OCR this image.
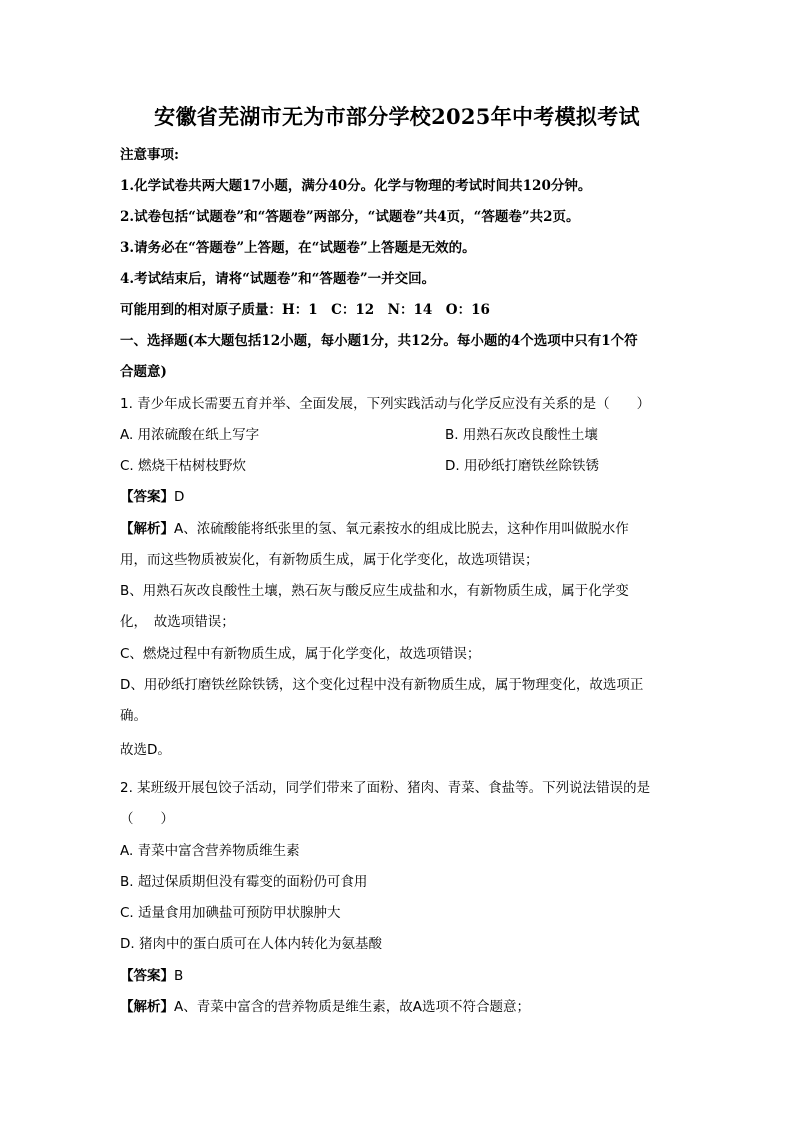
安徽省芜湖市无为市部分学校2025年中考模拟考试
注意事项:
1.化学试卷共两大题17小题，满分40分。化学与物理的考试时间共120分钟。
2.试卷包括“试题卷”和“答题卷”两部分，“试题卷”共4页，“答题卷”共2页。
3.请务必在“答题卷”上答题，在“试题卷”上答题是无效的。
4.考试结束后，请将“试题卷”和“答题卷”一并交回。
可能用到的相对原子质量：H：1　C：12　N：14　O：16
一、选择题(本大题包括12小题，每小题1分，共12分。每小题的4个选项中只有1个符
合题意)
1. 青少年成长需要五育并举、全面发展，下列实践活动与化学反应没有关系的是（　　）
A. 用浓硫酸在纸上写字	B. 用熟石灰改良酸性土壤
C. 燃烧干枯树枝野炊	D. 用砂纸打磨铁丝除铁锈
【答案】D
【解析】A、浓硫酸能将纸张里的氢、氧元素按水的组成比脱去，这种作用叫做脱水作
用，而这些物质被炭化，有新物质生成，属于化学变化，故选项错误；
B、用熟石灰改良酸性土壤，熟石灰与酸反应生成盐和水，有新物质生成，属于化学变
化，　故选项错误；
C、燃烧过程中有新物质生成，属于化学变化，故选项错误；
D、用砂纸打磨铁丝除铁锈，这个变化过程中没有新物质生成，属于物理变化，故选项正
确。
故选D。
2. 某班级开展包饺子活动，同学们带来了面粉、猪肉、青菜、食盐等。下列说法错误的是
（　　）
A. 青菜中富含营养物质维生素
B. 超过保质期但没有霉变的面粉仍可食用
C. 适量食用加碘盐可预防甲状腺肿大
D. 猪肉中的蛋白质可在人体内转化为氨基酸
【答案】B
【解析】A、青菜中富含的营养物质是维生素，故A选项不符合题意；
